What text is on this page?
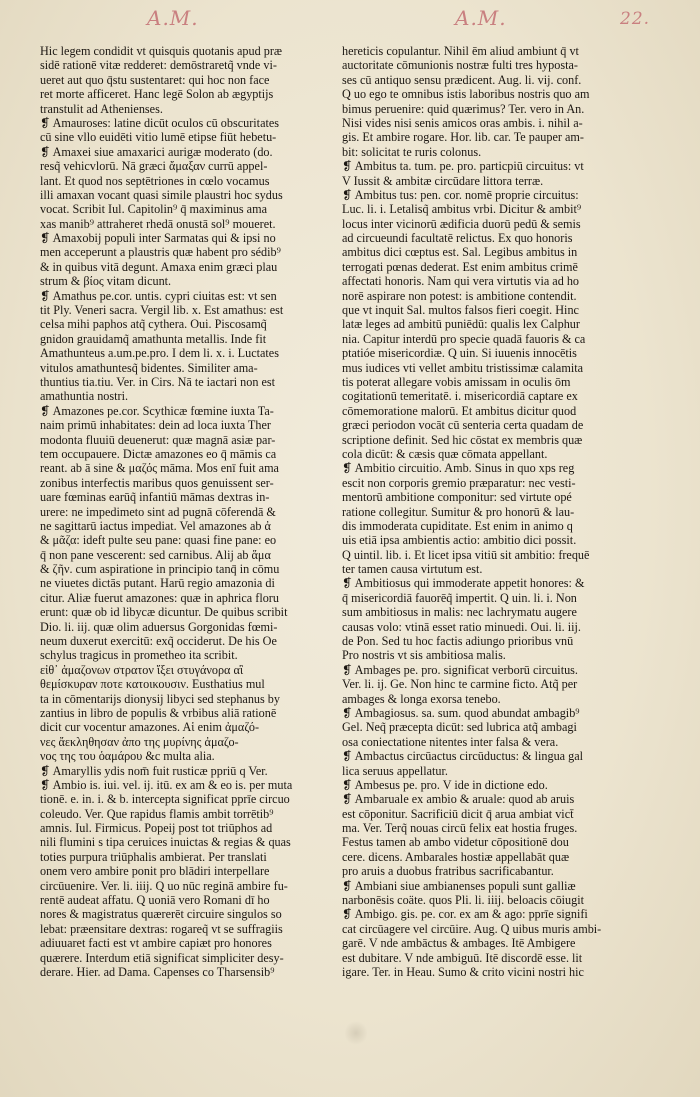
A.M.	A.M.	22.
Hic legem condidit vt quisquis quotanis apud præ
sidē rationē vitæ redderet: demōstraretq̃ vnde vi-
ueret aut quo q̄stu sustentaret: qui hoc non face
ret morte afficeret. Hanc legē Solon ab ægyptijs
transtulit ad Athenienses.
❡ Amauroses: latine dicūt oculos cū obscuritates
cū sine vllo euidēti vitio lumē etipse fiūt hebetu-
❡ Amaxei siue amaxarici aurigæ moderato (do.
resq̃ vehicvlorū. Nā græci ἄμαξαν currū appel-
lant. Et quod nos septētriones in cœlo vocamus
illi amaxan vocant quasi simile plaustri hoc sydus
vocat. Scribit Iul. Capitolin⁹ q̄ maximinus ama
xas manib⁹ attraheret rhedā onustā sol⁹ moueret.
❡ Amaxobij populi inter Sarmatas qui & ipsi no
men acceperunt a plaustris quæ habent pro sédib⁹
& in quibus vitā degunt. Amaxa enim græci plau
strum & βίος vitam dicunt.
❡ Amathus pe.cor. untis. cypri ciuitas est: vt sen
tit Ply. Veneri sacra. Vergil lib. x. Est amathus: est
celsa mihi paphos atq̃ cythera. Oui. Piscosamq̃
gnidon grauidamq̃ amathunta metallis. Inde fit
Amathunteus a.um.pe.pro. I dem li. x. i. Luctates
vitulos amathuntesq̃ bidentes. Similiter ama-
thuntius tia.tiu. Ver. in Cirs. Nā te iactari non est
amathuntia nostri.
❡ Amazones pe.cor. Scythicæ fœmine iuxta Ta-
naim primū inhabitates: dein ad loca iuxta Ther
modonta fluuiū deuenerut: quæ magnā asiæ par-
tem occupauere. Dictæ amazones eo q̄ māmis ca
reant. ab ā sine & μαζός māma. Mos enī fuit ama
zonibus interfectis maribus quos genuissent ser-
uare fœminas earūq̃ infantiū māmas dextras in-
urere: ne impedimeto sint ad pugnā cōferendā &
ne sagittarū iactus impediat. Vel amazones ab ἀ
& μᾶζα: ideft pulte seu pane: quasi fine pane: eo
q̄ non pane vescerent: sed carnibus. Alij ab ἅμα
& ζῆν. cum aspiratione in principio tanq̄ in cōmu
ne viuetes dictās putant. Harū regio amazonia di
citur. Aliæ fuerut amazones: quæ in aphrica floru
erunt: quæ ob id libycæ dicuntur. De quibus scribit
Dio. li. iij. quæ olim aduersus Gorgonidas fœmi-
neum duxerut exercitū: exq̃ occiderut. De his Oe
schylus tragicus in prometheo ita scribit.
εἰθ᾽ ἀμαζονων στρατον ἵξει στυγάνορα αἳ
θεμίσκυραν ποτε κατοικουσιν. Eusthatius mul
ta in cōmentarijs dionysij libyci sed stephanus by
zantius in libro de populis & vrbibus aliā rationē
dicit cur vocentur amazones. Aἱ enim ἀμαζό-
νες ἄεκληθησαν ἀπο της μυρίνης ἀμαζο-
νος της του ὁαμάρου &c multa alia.
❡ Amaryllis ydis nom̄ fuit rusticæ ppriū q Ver.
❡ Ambio is. iui. vel. ij. itū. ex am & eo is. per muta
tionē. e. in. i. & b. intercepta significat pprīe circuo
coleudo. Ver. Que rapidus flamis ambit torrētib⁹
amnis. Iul. Firmicus. Popeij post tot triūphos ad
nili flumini s tipa ceruices inuictas & regias & quas
toties purpura triūphalis ambierat. Per translati
onem vero ambire ponit pro blādiri interpellare
circūuenire. Ver. li. iiij. Q uo nūc reginā ambire fu-
rentē audeat affatu. Q uoniā vero Romani dī ho
nores & magistratus quærerēt circuire singulos so
lebat: præensitare dextras: rogareq̃ vt se suffragiis
adiuuaret facti est vt ambire capiæt pro honores
quærere. Interdum etiā significat simpliciter desy-
derare. Hier. ad Dama. Capenses co Tharsensib⁹
hereticis copulantur. Nihil ēm aliud ambiunt q̄ vt
auctoritate cōmunionis nostræ fulti tres hyposta-
ses cū antiquo sensu prædicent. Aug. li. vij. conf.
Q uo ego te omnibus istis laboribus nostris quo am
bimus peruenire: quid quærimus? Ter. vero in An.
Nisi vides nisi senis amicos oras ambis. i. nihil a-
gis. Et ambire rogare. Hor. lib. car. Te pauper am-
bit: solicitat te ruris colonus.
❡ Ambitus ta. tum. pe. pro. particpiū circuitus: vt
V Iussit & ambitæ circūdare littora terræ.
❡ Ambitus tus: pen. cor. nomē proprie circuitus:
Luc. li. i. Letalisq̃ ambitus vrbi. Dicitur & ambit⁹
locus inter vicinorū ædificia duorū pedū & semis
ad circueundi facultatē relictus. Ex quo honoris
ambitus dici cœptus est. Sal. Legibus ambitus in
terrogati pœnas dederat. Est enim ambitus crimē
affectati honoris. Nam qui vera virtutis via ad ho
norē aspirare non potest: is ambitione contendit.
que vt inquit Sal. multos falsos fieri coegit. Hinc
latæ leges ad ambitū puniēdū: qualis lex Calphur
nia. Capitur interdū pro specie quadā fauoris & ca
ptatióe misericordiæ. Q uin. Si iuuenis innocētis
mus iudices vti vellet ambitu tristissimæ calamita
tis poterat allegare vobis amissam in oculis ōm
cogitationū temeritatē. i. misericordiā captare ex
cōmemoratione malorū. Et ambitus dicitur quod
græci periodon vocāt cū senteria certa quadam de
scriptione definit. Sed hic cōstat ex membris quæ
cola dicūt: & cæsis quæ cōmata appellant.
❡ Ambitio circuitio. Amb. Sinus in quo xps reg
escit non corporis gremio præparatur: nec vesti-
mentorū ambitione componitur: sed virtute opé
ratione collegitur. Sumitur & pro honorū & lau-
dis immoderata cupiditate. Est enim in animo q
uis etiā ipsa ambientis actio: ambitio dici possit.
Q uintil. lib. i. Et licet ipsa vitiū sit ambitio: frequē
ter tamen causa virtutum est.
❡ Ambitiosus qui immoderate appetit honores: &
q̄ misericordiā fauorēq̃ impertit. Q uin. li. i. Non
sum ambitiosus in malis: nec lachrymatu augere
causas volo: vtinā esset ratio minuedi. Oui. li. iij.
de Pon. Sed tu hoc factis adiungo prioribus vnū
Pro nostris vt sis ambitiosa malis.
❡ Ambages pe. pro. significat verborū circuitus.
Ver. li. ij. Ge. Non hinc te carmine ficto. Atq̃ per
ambages & longa exorsa tenebo.
❡ Ambagiosus. sa. sum. quod abundat ambagib⁹
Gel. Neq̃ præcepta dicūt: sed lubrica atq̃ ambagi
osa coniectatione nitentes inter falsa & vera.
❡ Ambactus circūactus circūductus: & lingua gal
lica seruus appellatur.
❡ Ambesus pe. pro. V ide in dictione edo.
❡ Ambaruale ex ambio & aruale: quod ab aruis
est cōponitur. Sacrificiū dicit q̄ arua ambiat vict̄
ma. Ver. Terq̃ nouas circū felix eat hostia fruges.
Festus tamen ab ambo videtur cōpositionē dou
cere. dicens. Ambarales hostiæ appellabāt quæ
pro aruis a duobus fratribus sacrificabantur.
❡ Ambiani siue ambianenses populi sunt galliæ
narbonēsis coäte. quos Pli. li. iiij. beloacis cōiugit
❡ Ambigo. gis. pe. cor. ex am & ago: pprīe signifi
cat circūagere vel circūire. Aug. Q uibus muris ambi-
garē. V nde ambāctus & ambages. Itē Ambigere
est dubitare. V nde ambiguū. Itē discordē esse. lit
igare. Ter. in Heau. Sumo & crito vicini nostri hic
